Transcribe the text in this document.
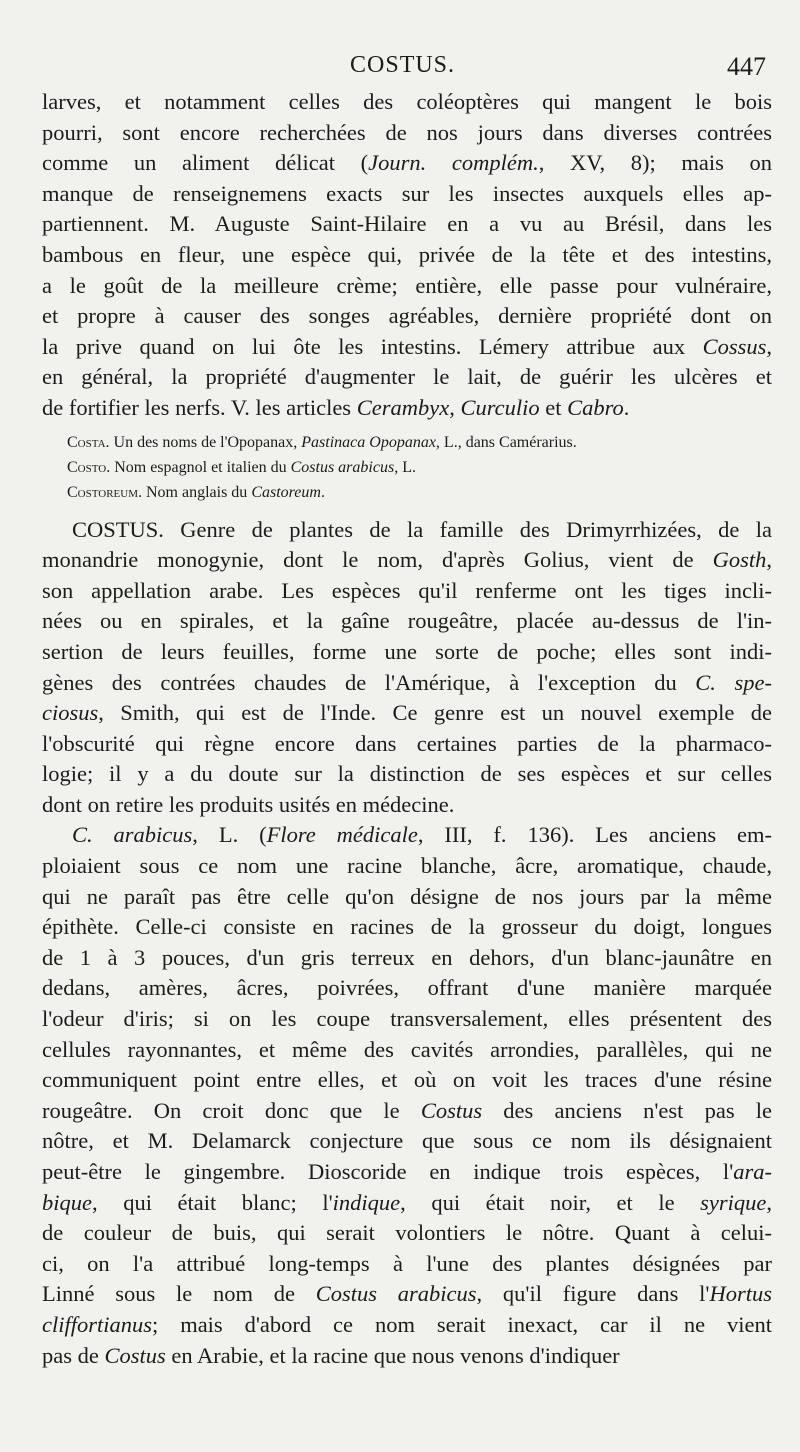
COSTUS.	447
larves, et notamment celles des coléoptères qui mangent le bois
pourri, sont encore recherchées de nos jours dans diverses contrées
comme un aliment délicat (Journ. complém., XV, 8); mais on
manque de renseignemens exacts sur les insectes auxquels elles ap-
partiennent. M. Auguste Saint-Hilaire en a vu au Brésil, dans les
bambous en fleur, une espèce qui, privée de la tête et des intestins,
a le goût de la meilleure crème; entière, elle passe pour vulnéraire,
et propre à causer des songes agréables, dernière propriété dont on
la prive quand on lui ôte les intestins. Lémery attribue aux Cossus,
en général, la propriété d'augmenter le lait, de guérir les ulcères et
de fortifier les nerfs. V. les articles Cerambyx, Curculio et Cabro.
Costa. Un des noms de l'Opopanax, Pastinaca Opopanax, L., dans Camérarius.
Costo. Nom espagnol et italien du Costus arabicus, L.
Costoreum. Nom anglais du Castoreum.
COSTUS. Genre de plantes de la famille des Drimyrrhizées, de la
monandrie monogynie, dont le nom, d'après Golius, vient de Gosth,
son appellation arabe. Les espèces qu'il renferme ont les tiges incli-
nées ou en spirales, et la gaîne rougeâtre, placée au-dessus de l'in-
sertion de leurs feuilles, forme une sorte de poche; elles sont indi-
gènes des contrées chaudes de l'Amérique, à l'exception du C. spe-
ciosus, Smith, qui est de l'Inde. Ce genre est un nouvel exemple de
l'obscurité qui règne encore dans certaines parties de la pharmaco-
logie; il y a du doute sur la distinction de ses espèces et sur celles
dont on retire les produits usités en médecine.
C. arabicus, L. (Flore médicale, III, f. 136). Les anciens em-
ploiaient sous ce nom une racine blanche, âcre, aromatique, chaude,
qui ne paraît pas être celle qu'on désigne de nos jours par la même
épithète. Celle-ci consiste en racines de la grosseur du doigt, longues
de 1 à 3 pouces, d'un gris terreux en dehors, d'un blanc-jaunâtre en
dedans, amères, âcres, poivrées, offrant d'une manière marquée
l'odeur d'iris; si on les coupe transversalement, elles présentent des
cellules rayonnantes, et même des cavités arrondies, parallèles, qui ne
communiquent point entre elles, et où on voit les traces d'une résine
rougeâtre. On croit donc que le Costus des anciens n'est pas le
nôtre, et M. Delamarck conjecture que sous ce nom ils désignaient
peut-être le gingembre. Dioscoride en indique trois espèces, l'ara-
bique, qui était blanc; l'indique, qui était noir, et le syrique,
de couleur de buis, qui serait volontiers le nôtre. Quant à celui-
ci, on l'a attribué long-temps à l'une des plantes désignées par
Linné sous le nom de Costus arabicus, qu'il figure dans l'Hortus
cliffortianus; mais d'abord ce nom serait inexact, car il ne vient
pas de Costus en Arabie, et la racine que nous venons d'indiquer
